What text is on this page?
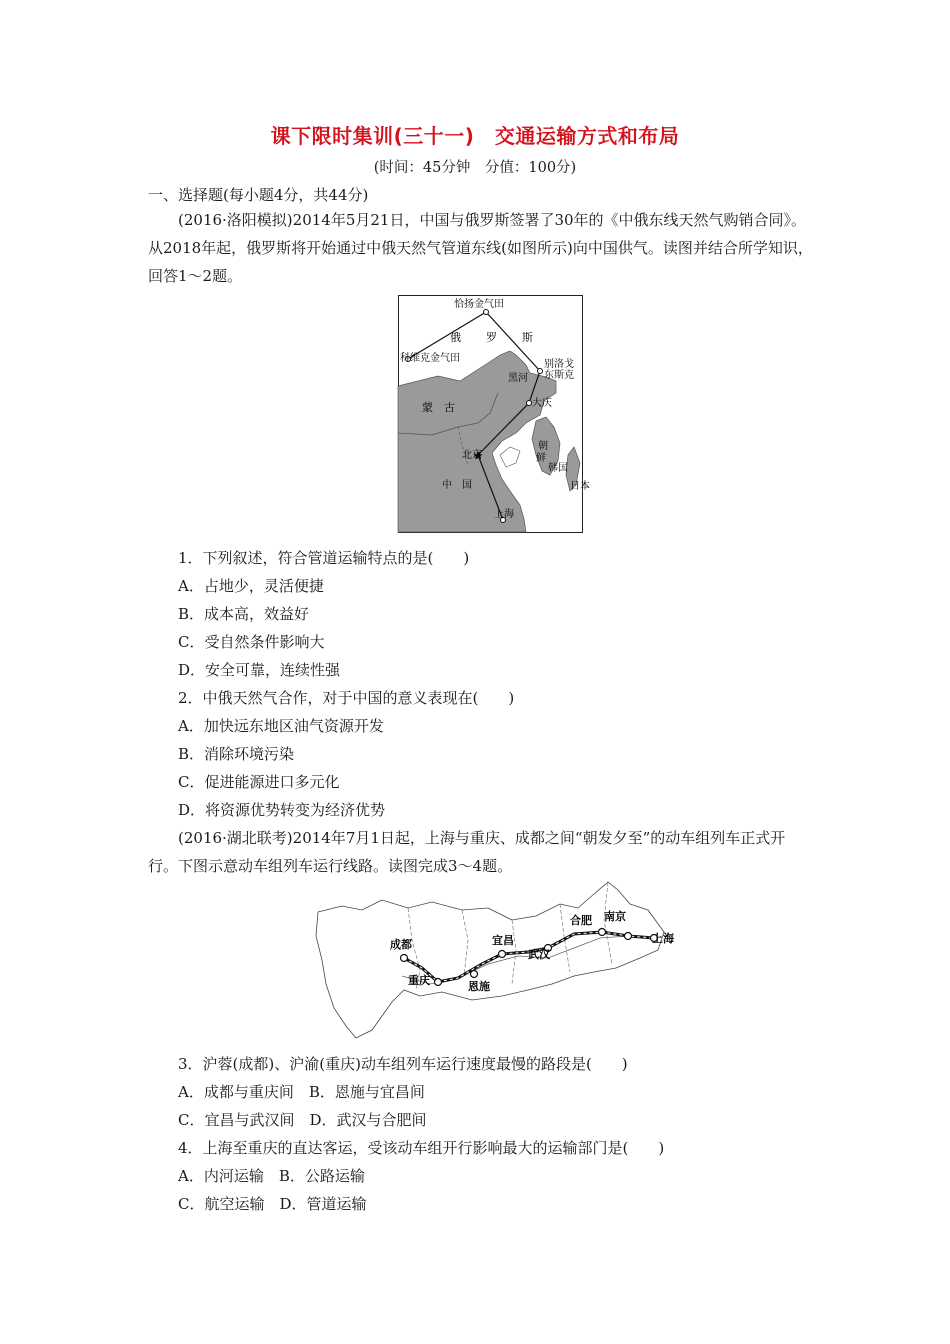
课下限时集训(三十一)　交通运输方式和布局
(时间：45分钟　分值：100分)
一、选择题(每小题4分，共44分)
(2016·洛阳模拟)2014年5月21日，中国与俄罗斯签署了30年的《中俄东线天然气购销合同》。从2018年起，俄罗斯将开始通过中俄天然气管道东线(如图所示)向中国供气。读图并结合所学知识，回答1～2题。
恰扬金气田
俄 罗 斯
科维克金气田
别洛戈
东斯克
黑河
蒙　古	大庆
北京
朝
鲜
韩国
日本
中　国
上海
1．下列叙述，符合管道运输特点的是(　　)
A．占地少，灵活便捷
B．成本高，效益好
C．受自然条件影响大
D．安全可靠，连续性强
2．中俄天然气合作，对于中国的意义表现在(　　)
A．加快远东地区油气资源开发
B．消除环境污染
C．促进能源进口多元化
D．将资源优势转变为经济优势
(2016·湖北联考)2014年7月1日起，上海与重庆、成都之间“朝发夕至”的动车组列车正式开行。下图示意动车组列车运行线路。读图完成3～4题。
成都
重庆	恩施
宜昌
武汉
合肥 南京
上海
3．沪蓉(成都)、沪渝(重庆)动车组列车运行速度最慢的路段是(　　)
A．成都与重庆间　B．恩施与宜昌间
C．宜昌与武汉间　D．武汉与合肥间
4．上海至重庆的直达客运，受该动车组开行影响最大的运输部门是(　　)
A．内河运输　B．公路运输
C．航空运输　D．管道运输
